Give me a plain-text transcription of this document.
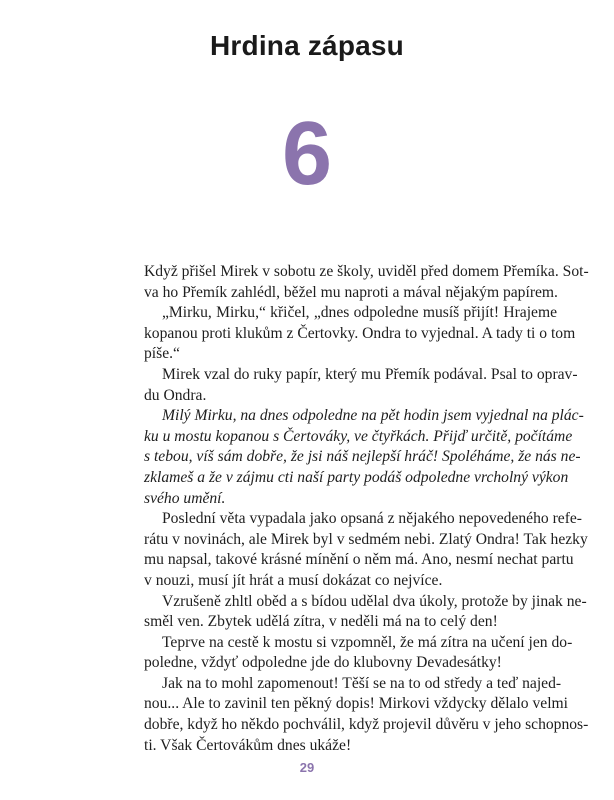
Hrdina zápasu
6
Když přišel Mirek v sobotu ze školy, uviděl před domem Přemíka. Sot-
va ho Přemík zahlédl, běžel mu naproti a mával nějakým papírem.
„Mirku, Mirku,“ křičel, „dnes odpoledne musíš přijít! Hrajeme
kopanou proti klukům z Čertovky. Ondra to vyjednal. A tady ti o tom
píše.“
Mirek vzal do ruky papír, který mu Přemík podával. Psal to oprav-
du Ondra.
Milý Mirku, na dnes odpoledne na pět hodin jsem vyjednal na plác-
ku u mostu kopanou s Čertováky, ve čtyřkách. Přijď určitě, počítáme
s tebou, víš sám dobře, že jsi náš nejlepší hráč! Spoléháme, že nás ne-
zklameš a že v zájmu cti naší party podáš odpoledne vrcholný výkon
svého umění.
Poslední věta vypadala jako opsaná z nějakého nepovedeného refe-
rátu v novinách, ale Mirek byl v sedmém nebi. Zlatý Ondra! Tak hezky
mu napsal, takové krásné mínění o něm má. Ano, nesmí nechat partu
v nouzi, musí jít hrát a musí dokázat co nejvíce.
Vzrušeně zhltl oběd a s bídou udělal dva úkoly, protože by jinak ne-
směl ven. Zbytek udělá zítra, v neděli má na to celý den!
Teprve na cestě k mostu si vzpomněl, že má zítra na učení jen do-
poledne, vždyť odpoledne jde do klubovny Devadesátky!
Jak na to mohl zapomenout! Těší se na to od středy a teď najed-
nou... Ale to zavinil ten pěkný dopis! Mirkovi vždycky dělalo velmi
dobře, když ho někdo pochválil, když projevil důvěru v jeho schopnos-
ti. Však Čertovákům dnes ukáže!
29
